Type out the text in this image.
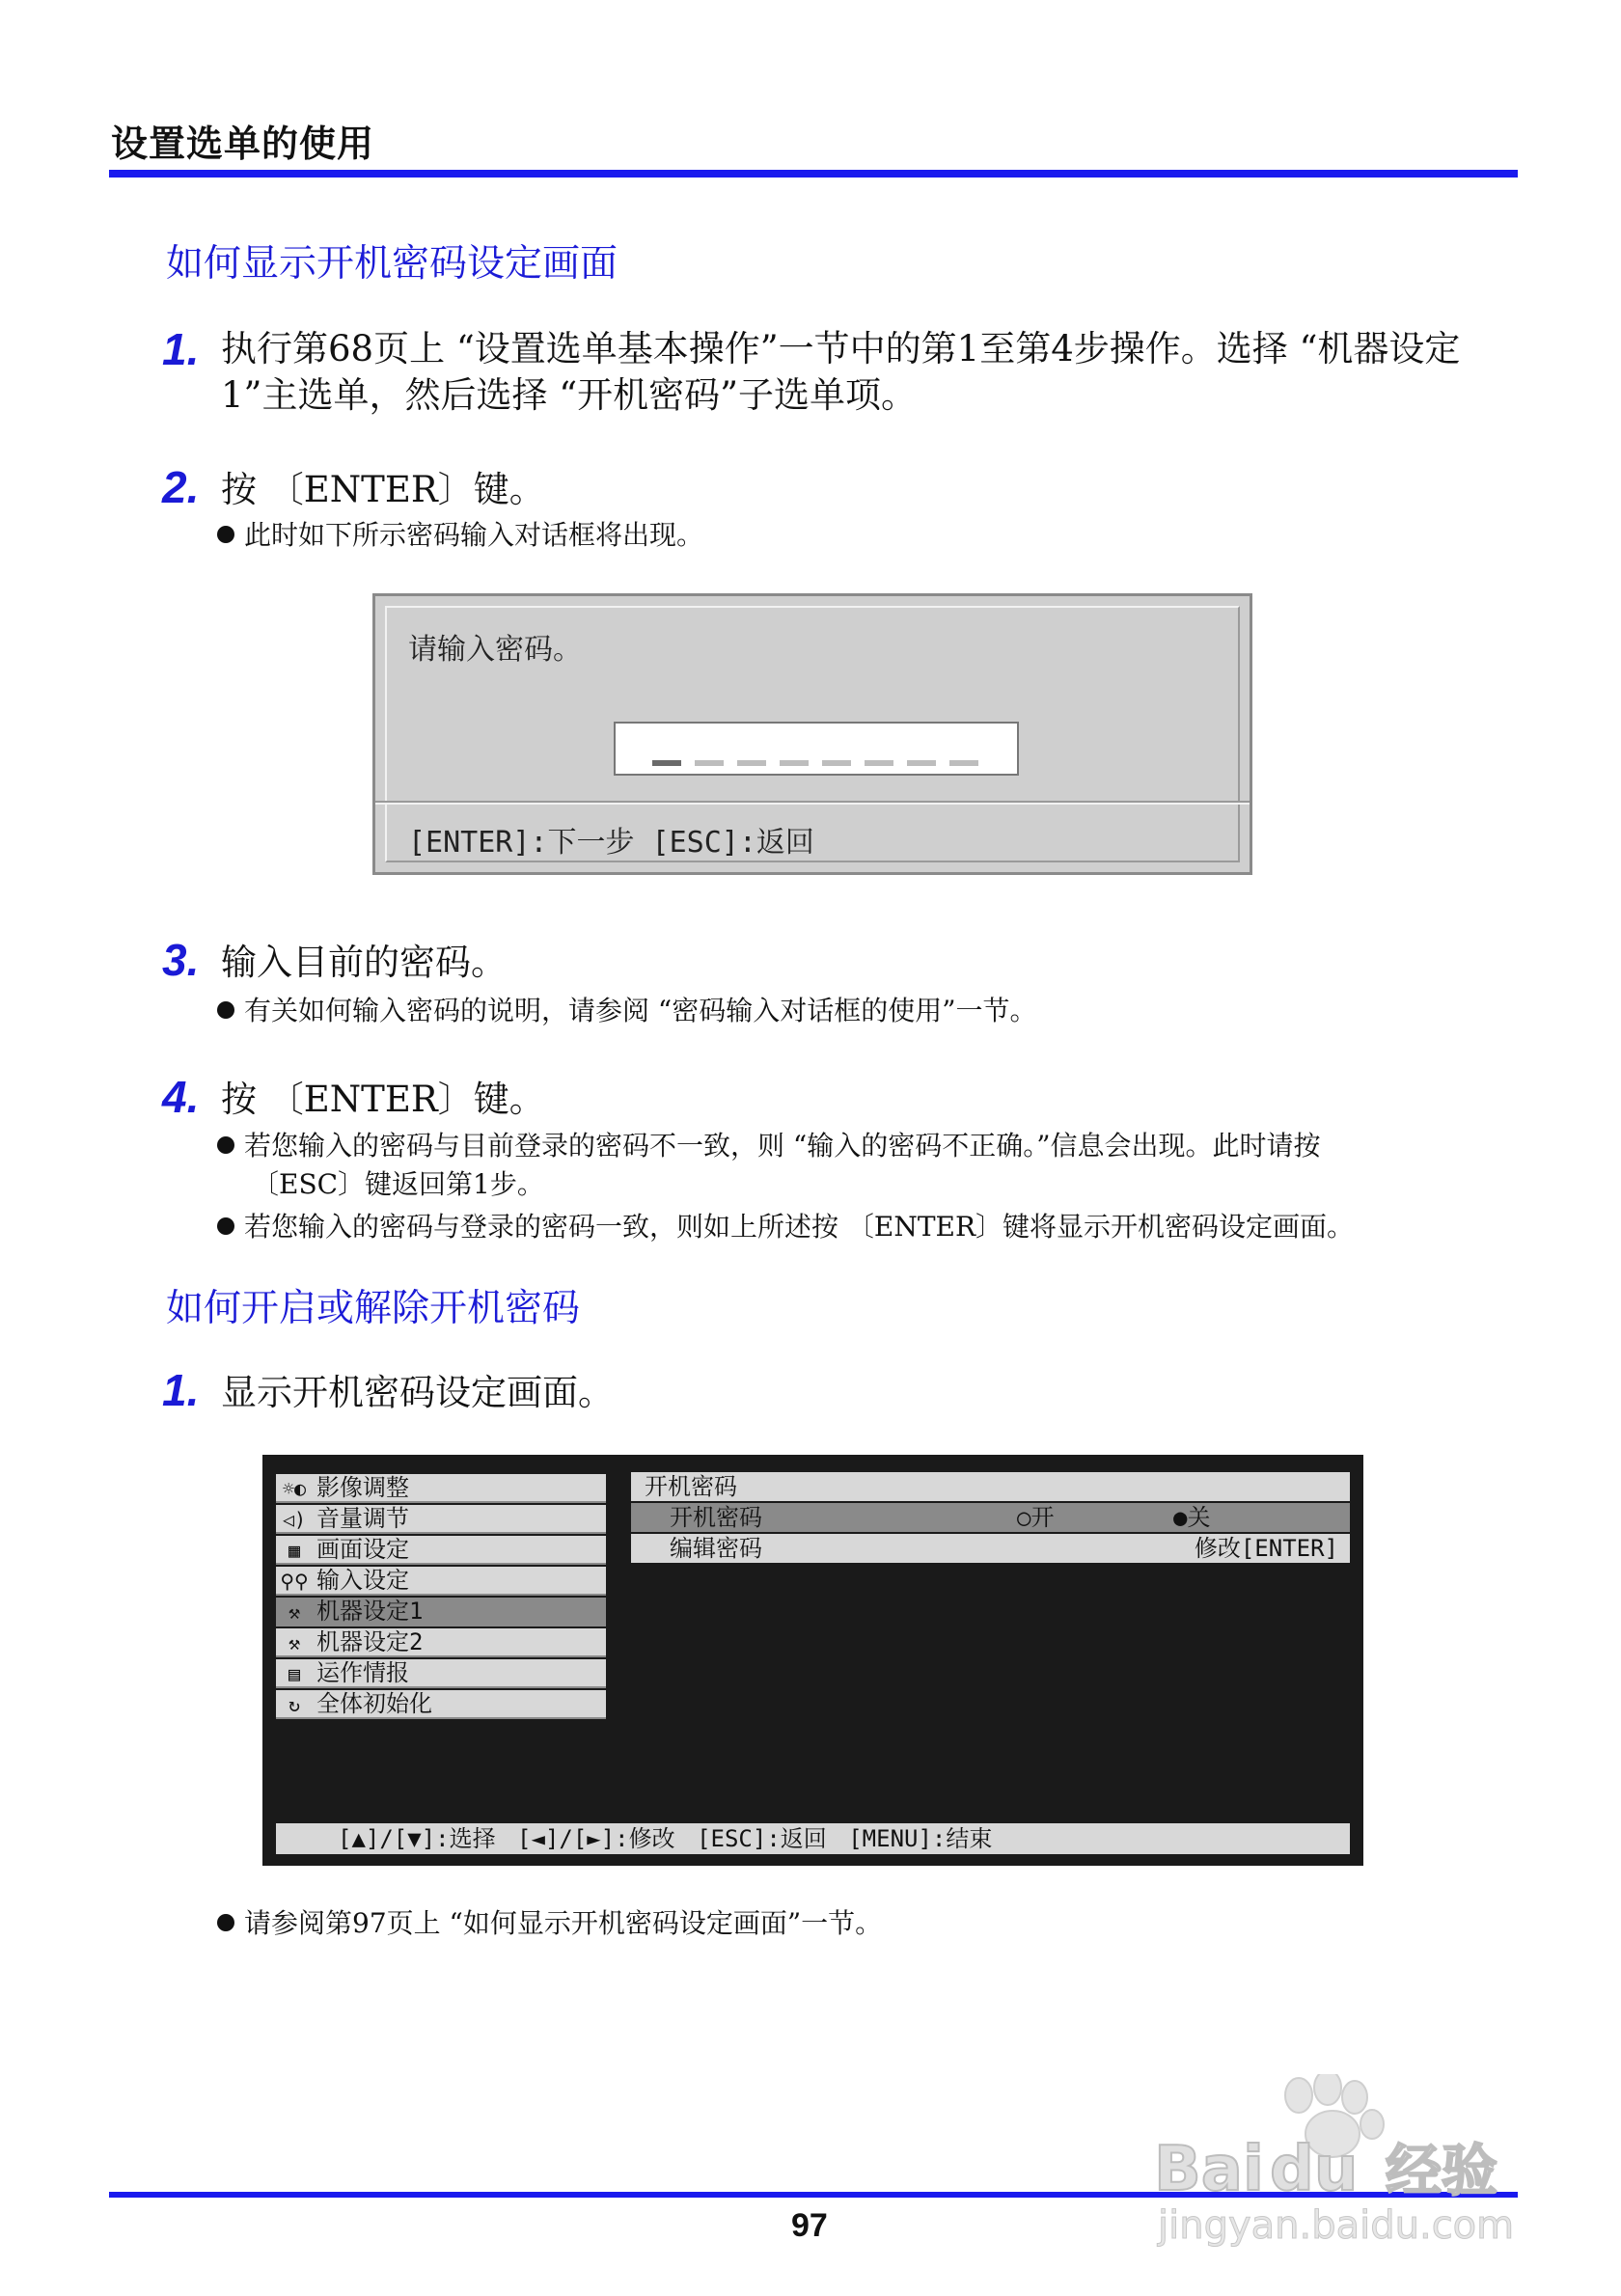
设置选单的使用
如何显示开机密码设定画面
1. 执行第68页上 “设置选单基本操作”一节中的第1至第4步操作。选择 “机器设定1”主选单，然后选择 “开机密码”子选单项。
2. 按 〔ENTER〕键。
此时如下所示密码输入对话框将出现。
请输入密码。
[ENTER]:下一步 [ESC]:返回
3. 输入目前的密码。
有关如何输入密码的说明，请参阅 “密码输入对话框的使用”一节。
4. 按 〔ENTER〕键。
若您输入的密码与目前登录的密码不一致，则 “输入的密码不正确。”信息会出现。此时请按
〔ESC〕键返回第1步。
若您输入的密码与登录的密码一致，则如上所述按 〔ENTER〕键将显示开机密码设定画面。
如何开启或解除开机密码
1. 显示开机密码设定画面。
☼◐ 影像调整
◁) 音量调节
▦ 画面设定
⚲⚲ 输入设定
⚒ 机器设定1
⚒ 机器设定2
▤ 运作情报
↻ 全体初始化
开机密码
开机密码	○开	●关
编辑密码	修改[ENTER]
[▲]/[▼]:选择 [◄]/[►]:修改 [ESC]:返回 [MENU]:结束
请参阅第97页上 “如何显示开机密码设定画面”一节。
97
Bai du 经验
jingyan.baidu.com
